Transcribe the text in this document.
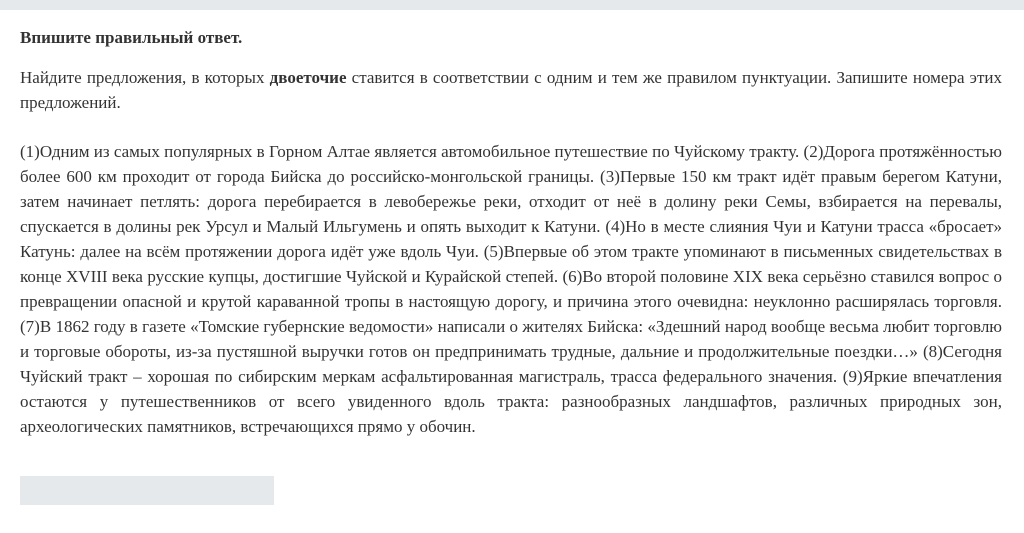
Впишите правильный ответ.

Найдите предложения, в которых двоеточие ставится в соответствии с одним и тем же правилом пунктуации. Запишите номера этих предложений.

(1)Одним из самых популярных в Горном Алтае является автомобильное путешествие по Чуйскому тракту. (2)Дорога протяжённостью более 600 км проходит от города Бийска до российско-монгольской границы. (3)Первые 150 км тракт идёт правым берегом Катуни, затем начинает петлять: дорога перебирается в левобережье реки, отходит от неё в долину реки Семы, взбирается на перевалы, спускается в долины рек Урсул и Малый Ильгумень и опять выходит к Катуни. (4)Но в месте слияния Чуи и Катуни трасса «бросает» Катунь: далее на всём протяжении дорога идёт уже вдоль Чуи. (5)Впервые об этом тракте упоминают в письменных свидетельствах в конце XVIII века русские купцы, достигшие Чуйской и Курайской степей. (6)Во второй половине XIX века серьёзно ставился вопрос о превращении опасной и крутой караванной тропы в настоящую дорогу, и причина этого очевидна: неуклонно расширялась торговля. (7)В 1862 году в газете «Томские губернские ведомости» написали о жителях Бийска: «Здешний народ вообще весьма любит торговлю и торговые обороты, из-за пустяшной выручки готов он предпринимать трудные, дальние и продолжительные поездки…» (8)Сегодня Чуйский тракт – хорошая по сибирским меркам асфальтированная магистраль, трасса федерального значения. (9)Яркие впечатления остаются у путешественников от всего увиденного вдоль тракта: разнообразных ландшафтов, различных природных зон, археологических памятников, встречающихся прямо у обочин.
